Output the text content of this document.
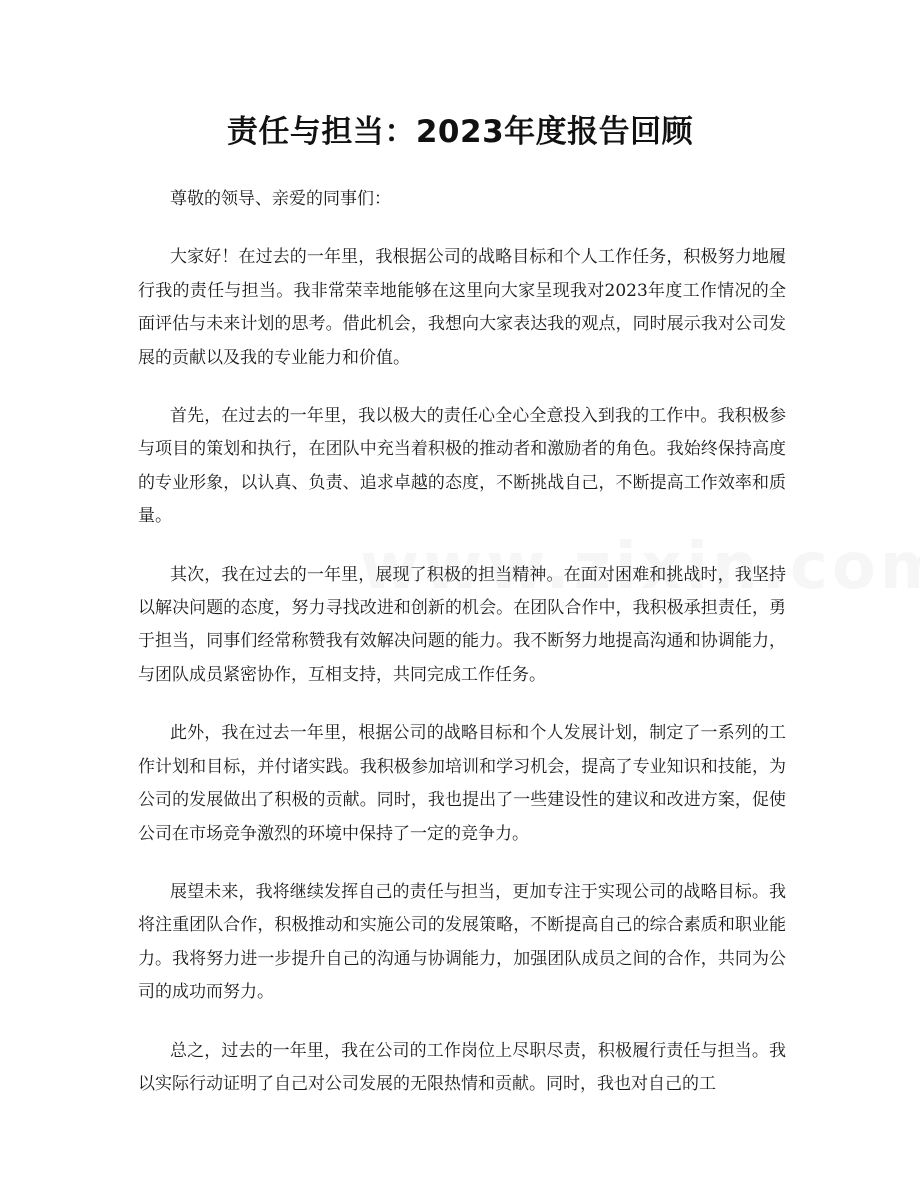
责任与担当：2023年度报告回顾

尊敬的领导、亲爱的同事们：

大家好！在过去的一年里，我根据公司的战略目标和个人工作任务，积极努力地履行我的责任与担当。我非常荣幸地能够在这里向大家呈现我对2023年度工作情况的全面评估与未来计划的思考。借此机会，我想向大家表达我的观点，同时展示我对公司发展的贡献以及我的专业能力和价值。

首先，在过去的一年里，我以极大的责任心全心全意投入到我的工作中。我积极参与项目的策划和执行，在团队中充当着积极的推动者和激励者的角色。我始终保持高度的专业形象，以认真、负责、追求卓越的态度，不断挑战自己，不断提高工作效率和质量。

其次，我在过去的一年里，展现了积极的担当精神。在面对困难和挑战时，我坚持以解决问题的态度，努力寻找改进和创新的机会。在团队合作中，我积极承担责任，勇于担当，同事们经常称赞我有效解决问题的能力。我不断努力地提高沟通和协调能力，与团队成员紧密协作，互相支持，共同完成工作任务。

此外，我在过去一年里，根据公司的战略目标和个人发展计划，制定了一系列的工作计划和目标，并付诸实践。我积极参加培训和学习机会，提高了专业知识和技能，为公司的发展做出了积极的贡献。同时，我也提出了一些建设性的建议和改进方案，促使公司在市场竞争激烈的环境中保持了一定的竞争力。

展望未来，我将继续发挥自己的责任与担当，更加专注于实现公司的战略目标。我将注重团队合作，积极推动和实施公司的发展策略，不断提高自己的综合素质和职业能力。我将努力进一步提升自己的沟通与协调能力，加强团队成员之间的合作，共同为公司的成功而努力。

总之，过去的一年里，我在公司的工作岗位上尽职尽责，积极履行责任与担当。我以实际行动证明了自己对公司发展的无限热情和贡献。同时，我也对自己的工
